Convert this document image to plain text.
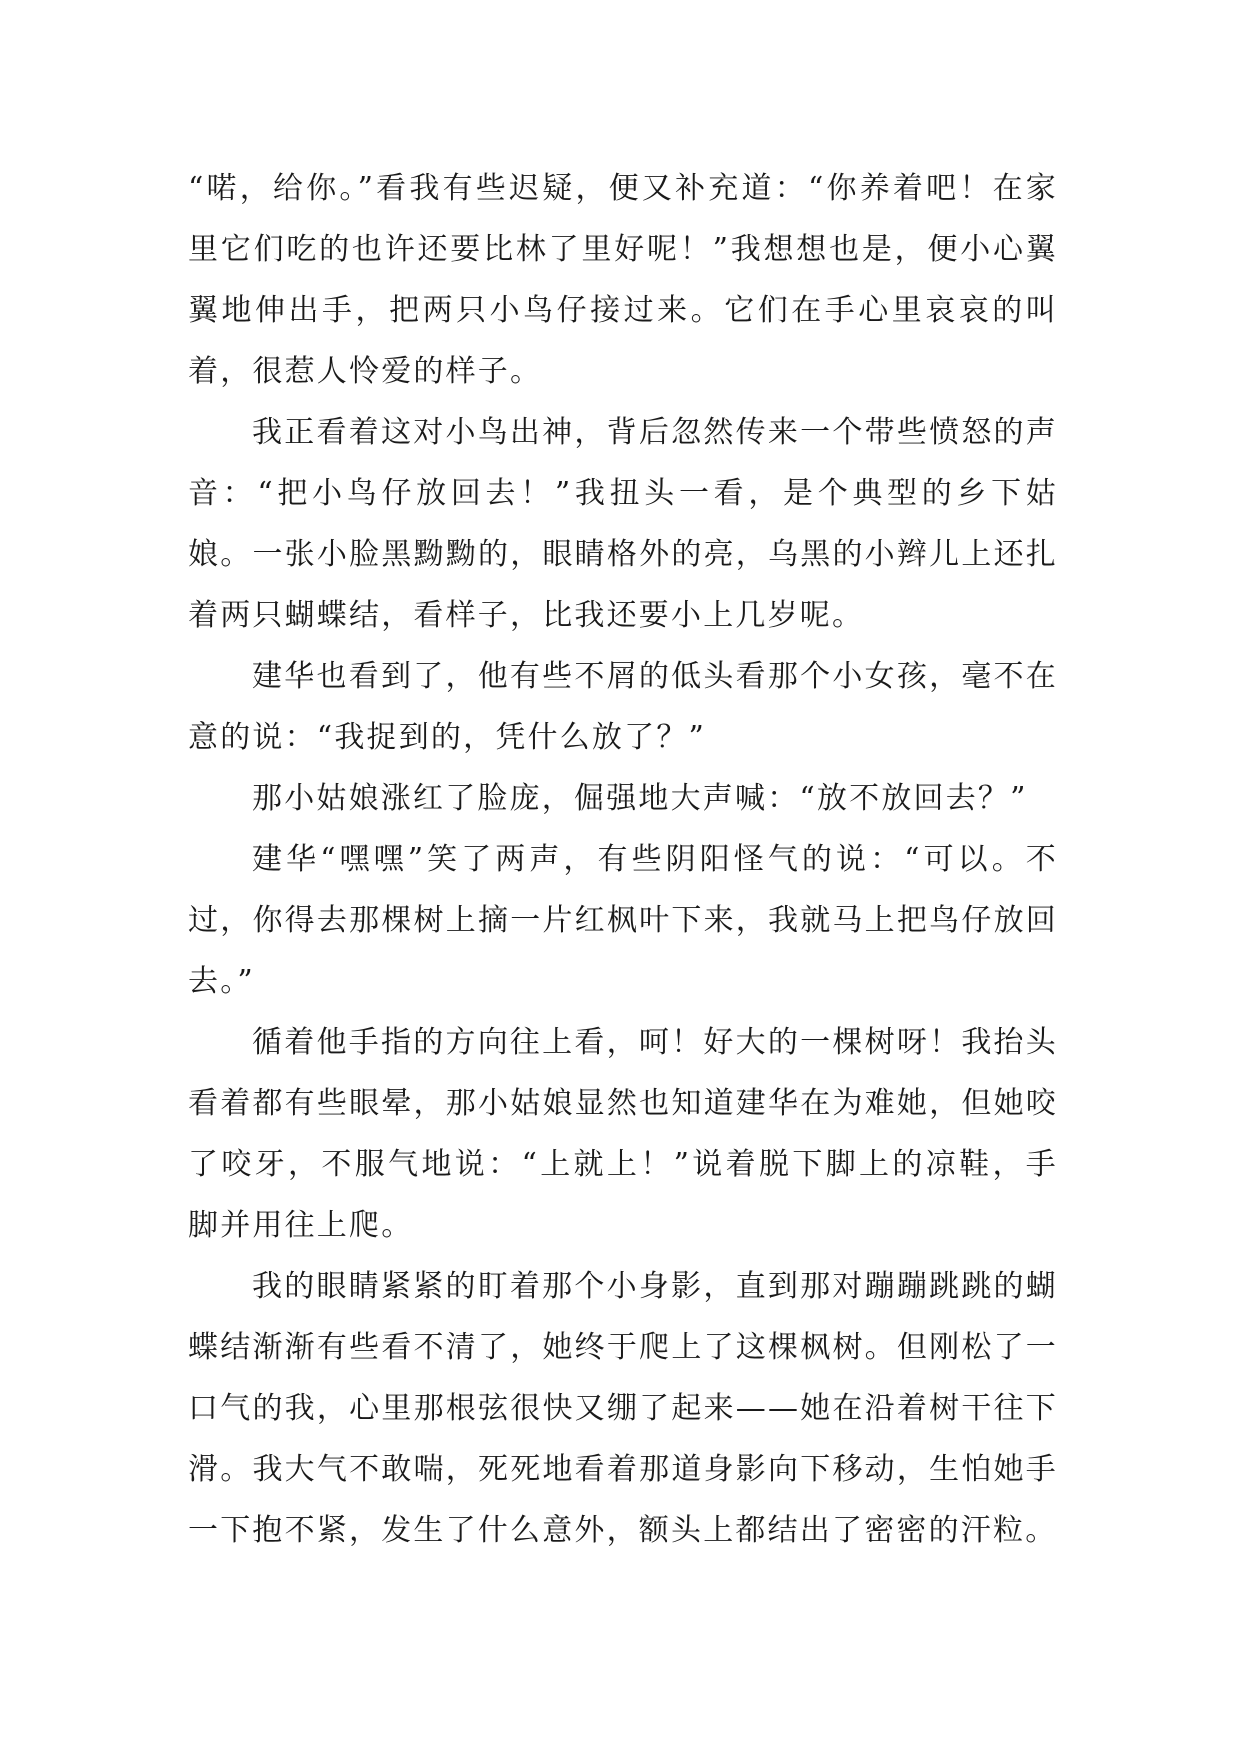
“喏，给你。”看我有些迟疑，便又补充道：“你养着吧！在家里它们吃的也许还要比林了里好呢！”我想想也是，便小心翼翼地伸出手，把两只小鸟仔接过来。它们在手心里哀哀的叫着，很惹人怜爱的样子。

我正看着这对小鸟出神，背后忽然传来一个带些愤怒的声音：“把小鸟仔放回去！”我扭头一看，是个典型的乡下姑娘。一张小脸黑黝黝的，眼睛格外的亮，乌黑的小辫儿上还扎着两只蝴蝶结，看样子，比我还要小上几岁呢。

建华也看到了，他有些不屑的低头看那个小女孩，毫不在意的说：“我捉到的，凭什么放了？”

那小姑娘涨红了脸庞，倔强地大声喊：“放不放回去？”

建华“嘿嘿”笑了两声，有些阴阳怪气的说：“可以。不过，你得去那棵树上摘一片红枫叶下来，我就马上把鸟仔放回去。”

循着他手指的方向往上看，呵！好大的一棵树呀！我抬头看着都有些眼晕，那小姑娘显然也知道建华在为难她，但她咬了咬牙，不服气地说：“上就上！”说着脱下脚上的凉鞋，手脚并用往上爬。

我的眼睛紧紧的盯着那个小身影，直到那对蹦蹦跳跳的蝴蝶结渐渐有些看不清了，她终于爬上了这棵枫树。但刚松了一口气的我，心里那根弦很快又绷了起来——她在沿着树干往下滑。我大气不敢喘，死死地看着那道身影向下移动，生怕她手一下抱不紧，发生了什么意外，额头上都结出了密密的汗粒。
